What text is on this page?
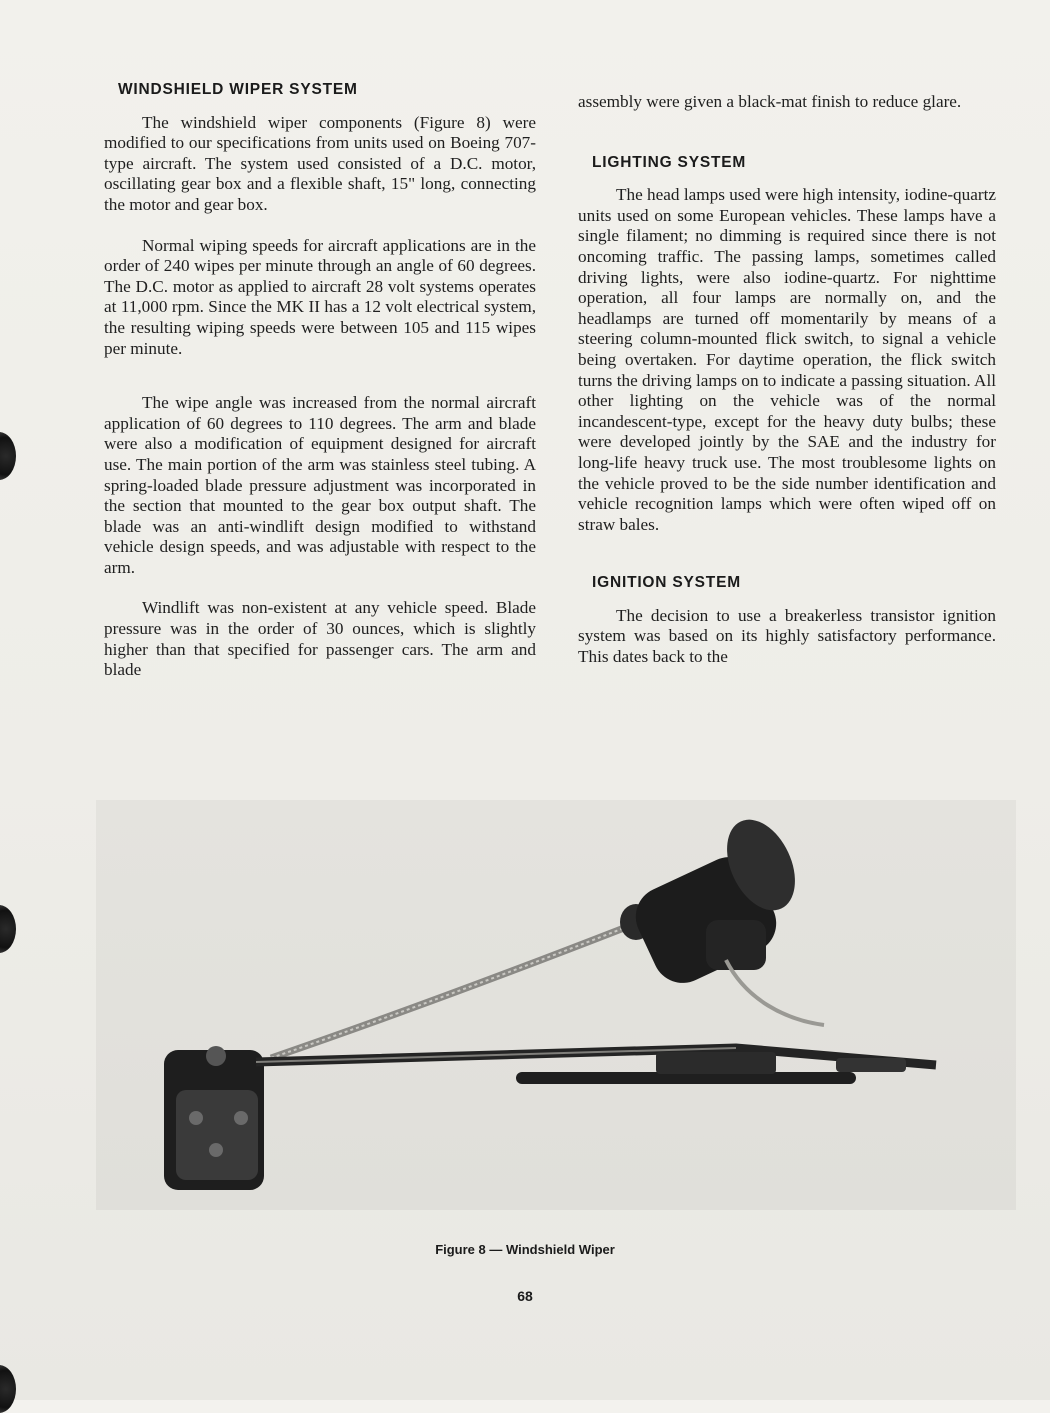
WINDSHIELD WIPER SYSTEM

The windshield wiper components (Figure 8) were modified to our specifications from units used on Boeing 707-type aircraft. The system used consisted of a D.C. motor, oscillating gear box and a flexible shaft, 15" long, connecting the motor and gear box.

Normal wiping speeds for aircraft applications are in the order of 240 wipes per minute through an angle of 60 degrees. The D.C. motor as applied to aircraft 28 volt systems operates at 11,000 rpm. Since the MK II has a 12 volt electrical system, the resulting wiping speeds were between 105 and 115 wipes per minute.

The wipe angle was increased from the normal aircraft application of 60 degrees to 110 degrees. The arm and blade were also a modification of equipment designed for aircraft use. The main portion of the arm was stainless steel tubing. A spring-loaded blade pressure adjustment was incorporated in the section that mounted to the gear box output shaft. The blade was an anti-windlift design modified to withstand vehicle design speeds, and was adjustable with respect to the arm.

Windlift was non-existent at any vehicle speed. Blade pressure was in the order of 30 ounces, which is slightly higher than that specified for passenger cars. The arm and blade

assembly were given a black-mat finish to reduce glare.

LIGHTING SYSTEM

The head lamps used were high intensity, iodine-quartz units used on some European vehicles. These lamps have a single filament; no dimming is required since there is not oncoming traffic. The passing lamps, sometimes called driving lights, were also iodine-quartz. For nighttime operation, all four lamps are normally on, and the headlamps are turned off momentarily by means of a steering column-mounted flick switch, to signal a vehicle being overtaken. For daytime operation, the flick switch turns the driving lamps on to indicate a passing situation. All other lighting on the vehicle was of the normal incandescent-type, except for the heavy duty bulbs; these were developed jointly by the SAE and the industry for long-life heavy truck use. The most troublesome lights on the vehicle proved to be the side number identification and vehicle recognition lamps which were often wiped off on straw bales.

IGNITION SYSTEM

The decision to use a breakerless transistor ignition system was based on its highly satisfactory performance. This dates back to the

Figure 8 — Windshield Wiper
68
